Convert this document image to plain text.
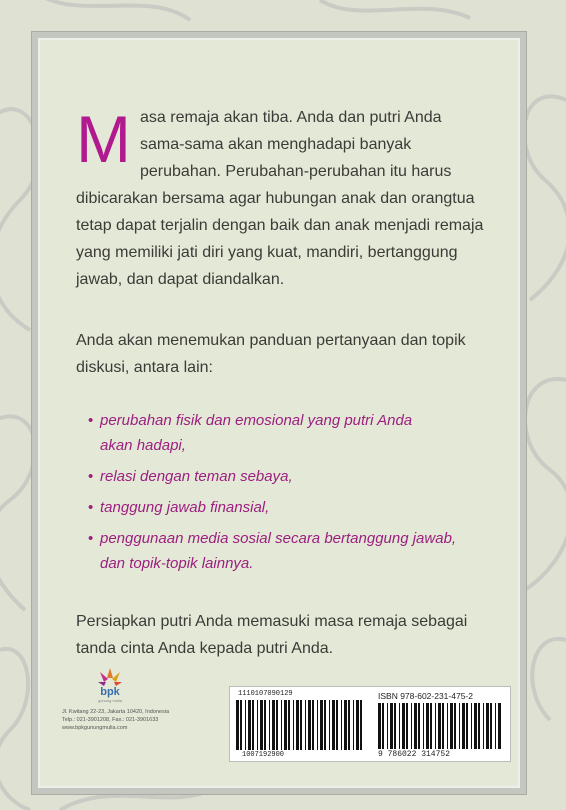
M asa remaja akan tiba. Anda dan putri Anda
sama-sama akan menghadapi banyak
perubahan. Perubahan-perubahan itu harus
dibicarakan bersama agar hubungan anak dan orangtua
tetap dapat terjalin dengan baik dan anak menjadi remaja
yang memiliki jati diri yang kuat, mandiri, bertanggung
jawab, dan dapat diandalkan.
Anda akan menemukan panduan pertanyaan dan topik
diskusi, antara lain:
• perubahan fisik dan emosional yang putri Anda
akan hadapi,
• relasi dengan teman sebaya,
• tanggung jawab finansial,
• penggunaan media sosial secara bertanggung jawab,
dan topik-topik lainnya.
Persiapkan putri Anda memasuki masa remaja sebagai
tanda cinta Anda kepada putri Anda.
bpk
gunung mulia
Jl. Kwitang 22-23, Jakarta 10420, Indonesia
Telp.: 021-3901208, Fax.: 021-3901633
www.bpkgunungmulia.com
1110107090129
1007192900
ISBN 978-602-231-475-2
9 786022 314752
